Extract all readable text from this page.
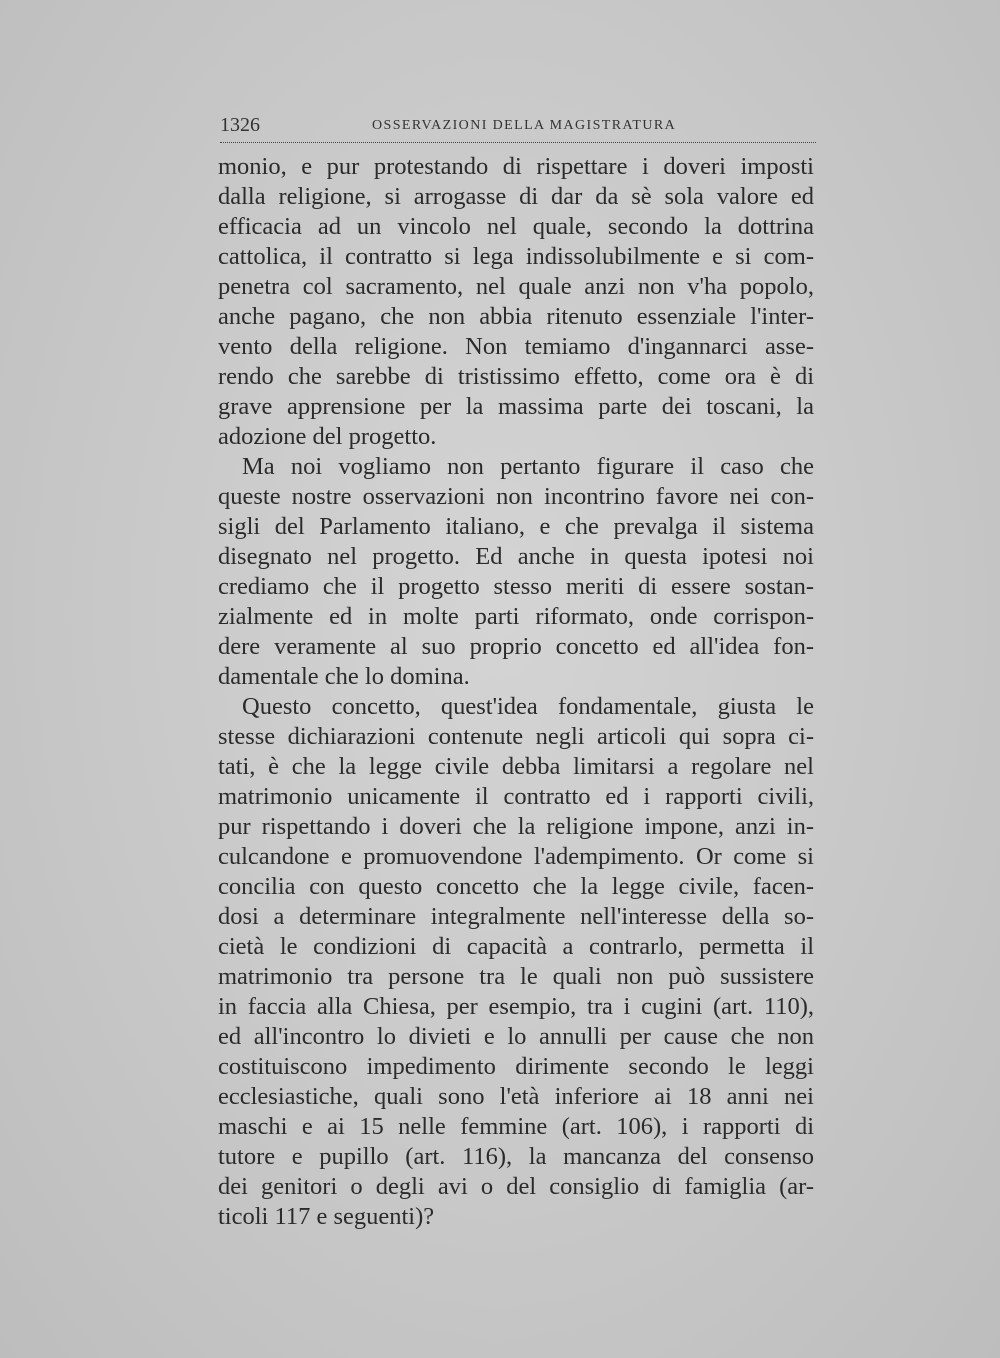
1326	OSSERVAZIONI DELLA MAGISTRATURA
monio, e pur protestando di rispettare i doveri imposti
dalla religione, si arrogasse di dar da sè sola valore ed
efficacia ad un vincolo nel quale, secondo la dottrina
cattolica, il contratto si lega indissolubilmente e si com-
penetra col sacramento, nel quale anzi non v'ha popolo,
anche pagano, che non abbia ritenuto essenziale l'inter-
vento della religione. Non temiamo d'ingannarci asse-
rendo che sarebbe di tristissimo effetto, come ora è di
grave apprensione per la massima parte dei toscani, la
adozione del progetto.
Ma noi vogliamo non pertanto figurare il caso che
queste nostre osservazioni non incontrino favore nei con-
sigli del Parlamento italiano, e che prevalga il sistema
disegnato nel progetto. Ed anche in questa ipotesi noi
crediamo che il progetto stesso meriti di essere sostan-
zialmente ed in molte parti riformato, onde corrispon-
dere veramente al suo proprio concetto ed all'idea fon-
damentale che lo domina.
Questo concetto, quest'idea fondamentale, giusta le
stesse dichiarazioni contenute negli articoli qui sopra ci-
tati, è che la legge civile debba limitarsi a regolare nel
matrimonio unicamente il contratto ed i rapporti civili,
pur rispettando i doveri che la religione impone, anzi in-
culcandone e promuovendone l'adempimento. Or come si
concilia con questo concetto che la legge civile, facen-
dosi a determinare integralmente nell'interesse della so-
cietà le condizioni di capacità a contrarlo, permetta il
matrimonio tra persone tra le quali non può sussistere
in faccia alla Chiesa, per esempio, tra i cugini (art. 110),
ed all'incontro lo divieti e lo annulli per cause che non
costituiscono impedimento dirimente secondo le leggi
ecclesiastiche, quali sono l'età inferiore ai 18 anni nei
maschi e ai 15 nelle femmine (art. 106), i rapporti di
tutore e pupillo (art. 116), la mancanza del consenso
dei genitori o degli avi o del consiglio di famiglia (ar-
ticoli 117 e seguenti)?
